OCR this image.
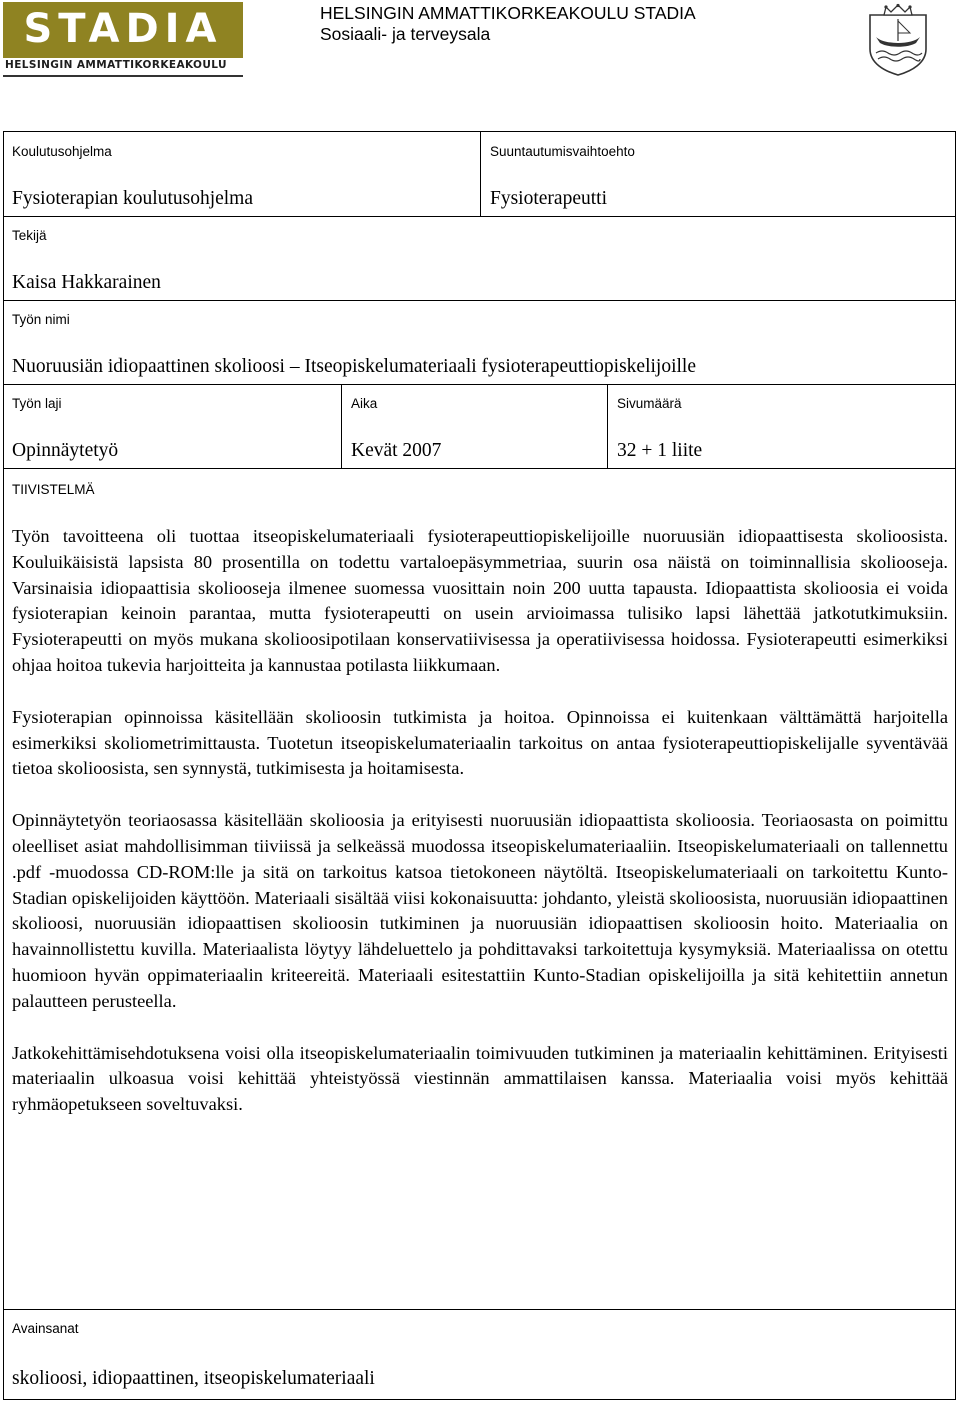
STADIA
HELSINGIN AMMATTIKORKEAKOULU
HELSINGIN AMMATTIKORKEAKOULU STADIA
Sosiaali- ja terveysala
Koulutusohjelma
Fysioterapian koulutusohjelma
Suuntautumisvaihtoehto
Fysioterapeutti
Tekijä
Kaisa Hakkarainen
Työn nimi
Nuoruusiän idiopaattinen skolioosi – Itseopiskelumateriaali fysioterapeuttiopiskelijoille
Työn laji
Opinnäytetyö
Aika
Kevät 2007
Sivumäärä
32 + 1 liite
TIIVISTELMÄ

Työn tavoitteena oli tuottaa itseopiskelumateriaali fysioterapeuttiopiskelijoille nuoruusiän idiopaattisesta skolioosista. Kouluikäisistä lapsista 80 prosentilla on todettu vartaloepäsymmetriaa, suurin osa näistä on toiminnallisia skoliooseja. Varsinaisia idiopaattisia skoliooseja ilmenee suomessa vuosittain noin 200 uutta tapausta. Idiopaattista skolioosia ei voida fysioterapian keinoin parantaa, mutta fysioterapeutti on usein arvioimassa tulisiko lapsi lähettää jatkotutkimuksiin. Fysioterapeutti on myös mukana skolioosipotilaan konservatiivisessa ja operatiivisessa hoidossa. Fysioterapeutti esimerkiksi ohjaa hoitoa tukevia harjoitteita ja kannustaa potilasta liikkumaan.

Fysioterapian opinnoissa käsitellään skolioosin tutkimista ja hoitoa. Opinnoissa ei kuitenkaan välttämättä harjoitella esimerkiksi skoliometrimittausta. Tuotetun itseopiskelumateriaalin tarkoitus on antaa fysioterapeuttiopiskelijalle syventävää tietoa skolioosista, sen synnystä, tutkimisesta ja hoitamisesta.

Opinnäytetyön teoriaosassa käsitellään skolioosia ja erityisesti nuoruusiän idiopaattista skolioosia. Teoriaosasta on poimittu oleelliset asiat mahdollisimman tiiviissä ja selkeässä muodossa itseopiskelumateriaaliin. Itseopiskelumateriaali on tallennettu .pdf -muodossa CD-ROM:lle ja sitä on tarkoitus katsoa tietokoneen näytöltä. Itseopiskelumateriaali on tarkoitettu Kunto-Stadian opiskelijoiden käyttöön. Materiaali sisältää viisi kokonaisuutta: johdanto, yleistä skolioosista, nuoruusiän idiopaattinen skolioosi, nuoruusiän idiopaattisen skolioosin tutkiminen ja nuoruusiän idiopaattisen skolioosin hoito. Materiaalia on havainnollistettu kuvilla. Materiaalista löytyy lähdeluettelo ja pohdittavaksi tarkoitettuja kysymyksiä. Materiaalissa on otettu huomioon hyvän oppimateriaalin kriteereitä. Materiaali esitestattiin Kunto-Stadian opiskelijoilla ja sitä kehitettiin annetun palautteen perusteella.

Jatkokehittämisehdotuksena voisi olla itseopiskelumateriaalin toimivuuden tutkiminen ja materiaalin kehittäminen. Erityisesti materiaalin ulkoasua voisi kehittää yhteistyössä viestinnän ammattilaisen kanssa. Materiaalia voisi myös kehittää ryhmäopetukseen soveltuvaksi.

Avainsanat
skolioosi, idiopaattinen, itseopiskelumateriaali
